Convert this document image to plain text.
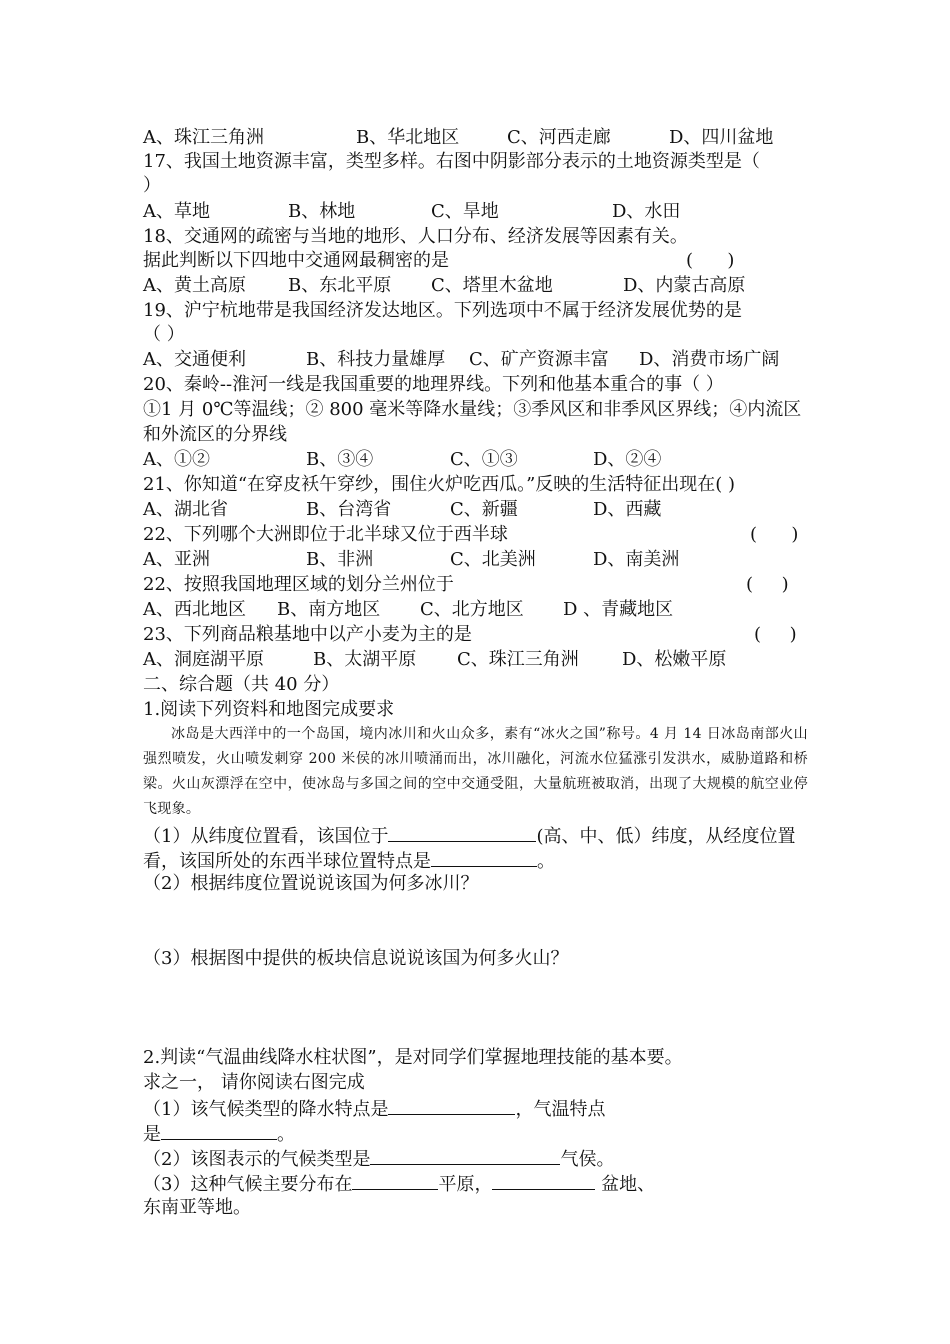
A、珠江三角洲	B、华北地区	C、河西走廊	D、四川盆地
17、我国土地资源丰富，类型多样。右图中阴影部分表示的土地资源类型是（
）
A、草地	B、林地	C、旱地	D、水田
18、交通网的疏密与当地的地形、人口分布、经济发展等因素有关。
据此判断以下四地中交通网最稠密的是	(      )
A、黄土高原 B、东北平原 C、塔里木盆地	D、内蒙古高原
19、沪宁杭地带是我国经济发达地区。下列选项中不属于经济发展优势的是
（ ）
A、交通便利	B、科技力量雄厚 C、矿产资源丰富 D、消费市场广阔
20、秦岭--淮河一线是我国重要的地理界线。下列和他基本重合的事（ ）
①1 月 0℃等温线；② 800 毫米等降水量线；③季风区和非季风区界线；④内流区
和外流区的分界线
A、①②	B、③④	C、①③	D、②④
21、你知道“在穿皮袄午穿纱，围住火炉吃西瓜。”反映的生活特征出现在( )
A、湖北省	B、台湾省	C、新疆	D、西藏
22、下列哪个大洲即位于北半球又位于西半球	(      )
A、亚洲	B、非洲	C、北美洲	D、南美洲
22、按照我国地理区域的划分兰州位于	(     )
A、西北地区 B、南方地区 C、北方地区 D 、青藏地区
23、下列商品粮基地中以产小麦为主的是	(     )
A、洞庭湖平原	B、太湖平原 C、珠江三角洲 D、松嫩平原
二、综合题（共 40 分）
1.阅读下列资料和地图完成要求
冰岛是大西洋中的一个岛国，境内冰川和火山众多，素有“冰火之国”称号。4 月 14 日冰岛南部火山强烈喷发，火山喷发刺穿 200 米侯的冰川喷涌而出，冰川融化，河流水位猛涨引发洪水，威胁道路和桥梁。火山灰漂浮在空中，使冰岛与多国之间的空中交通受阻，大量航班被取消，出现了大规模的航空业停飞现象。
（1）从纬度位置看，该国位于	(高、中、低）纬度，从经度位置
看，该国所处的东西半球位置特点是	。
（2）根据纬度位置说说该国为何多冰川？
（3）根据图中提供的板块信息说说该国为何多火山？
2.判读“气温曲线降水柱状图”，是对同学们掌握地理技能的基本要。
求之一， 请你阅读右图完成
（1）该气候类型的降水特点是	，气温特点
是	。
（2）该图表示的气候类型是	气侯。
（3）这种气候主要分布在	平原，	盆地、
东南亚等地。
